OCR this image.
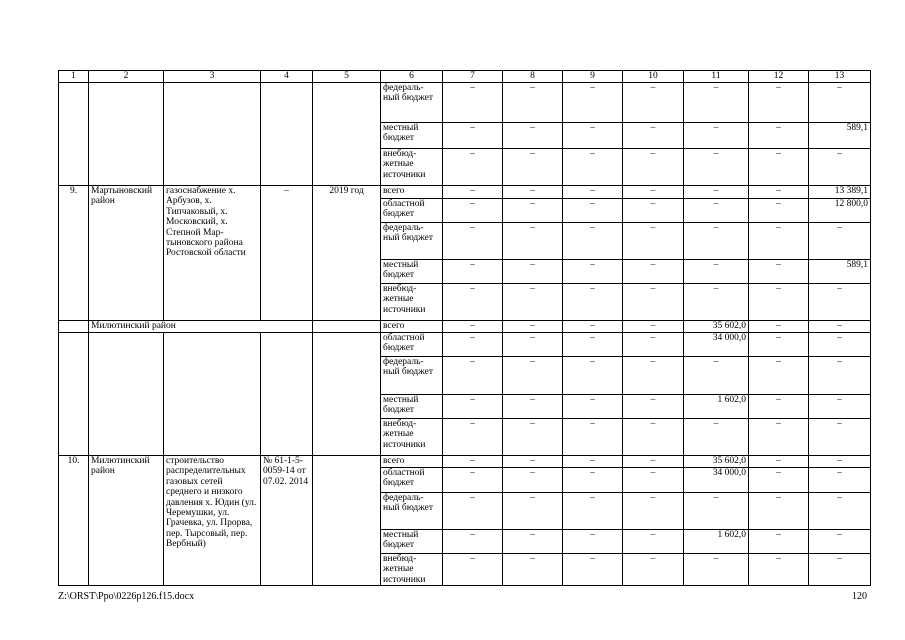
1	2	3	4	5	6	7	8	9	10	11	12	13
					федераль-ный бюджет	–	–	–	–	–	–	–
					местный бюджет	–	–	–	–	–	–	589,1
					внебюд-жетные источники	–	–	–	–	–	–	–
9.	Мартыновский район	газоснабжение х. Арбузов, х. Типчаковый, х. Московский, х. Степной Мар-тыновского района Ростовской области	–	2019 год	всего	–	–	–	–	–	–	13 389,1
					областной бюджет	–	–	–	–	–	–	12 800,0
					федераль-ный бюджет	–	–	–	–	–	–	–
					местный бюджет	–	–	–	–	–	–	589,1
					внебюд-жетные источники	–	–	–	–	–	–	–
	Милютинский район				всего	–	–	–	–	35 602,0	–	–
					областной бюджет	–	–	–	–	34 000,0	–	–
					федераль-ный бюджет	–	–	–	–	–	–	–
					местный бюджет	–	–	–	–	1 602,0	–	–
					внебюд-жетные источники	–	–	–	–	–	–	–
10.	Милютинский район	строительство распределительных газовых сетей среднего и низкого давления х. Юдин (ул. Черемушки, ул. Грачевка, ул. Прорва, пер. Тырсовый, пер. Вербный)	№ 61-1-5-0059-14 от 07.02. 2014		всего	–	–	–	–	35 602,0	–	–
					областной бюджет	–	–	–	–	34 000,0	–	–
					федераль-ный бюджет	–	–	–	–	–	–	–
					местный бюджет	–	–	–	–	1 602,0	–	–
					внебюд-жетные источники	–	–	–	–	–	–	–
Z:\ORST\Ppo\0226p126.f15.docx	120
